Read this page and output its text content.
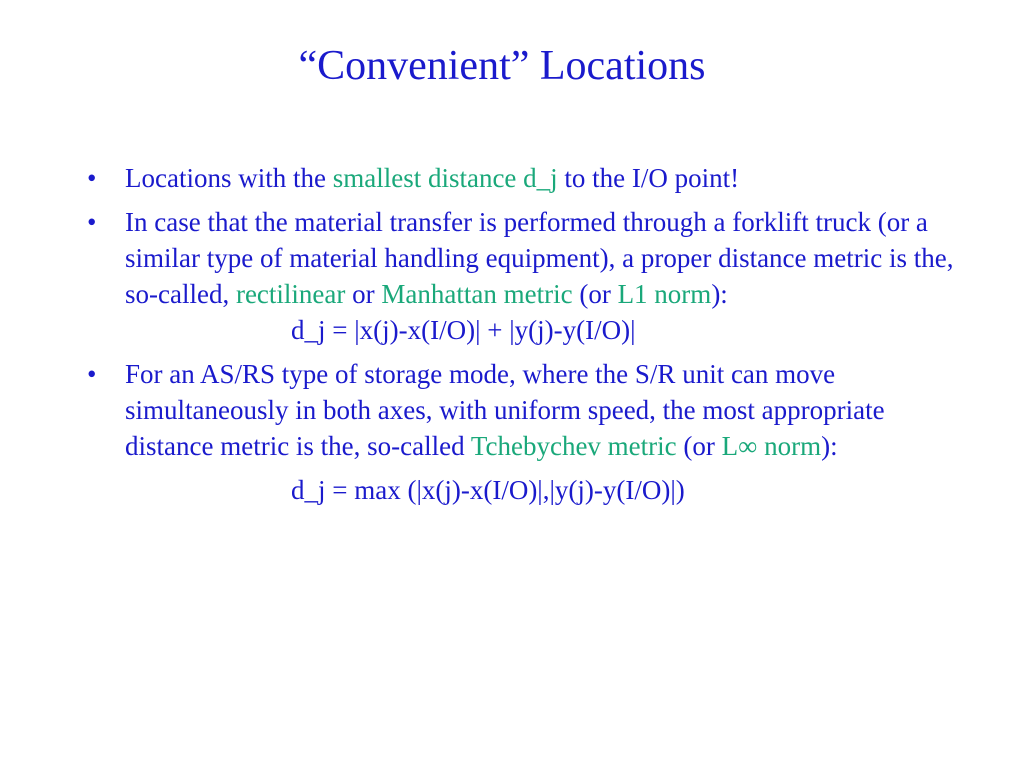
“Convenient” Locations
•	Locations with the smallest distance d_j to the I/O point!
•	In case that the material transfer is performed through a forklift truck (or a similar type of material handling equipment), a proper distance metric is the, so-called, rectilinear or Manhattan metric (or L1 norm):
d_j = |x(j)-x(I/O)| + |y(j)-y(I/O)|
•	For an AS/RS type of storage mode, where the S/R unit can move simultaneously in both axes, with uniform speed, the most appropriate distance metric is the, so-called Tchebychev metric (or L∞ norm):
d_j = max (|x(j)-x(I/O)|,|y(j)-y(I/O)|)
